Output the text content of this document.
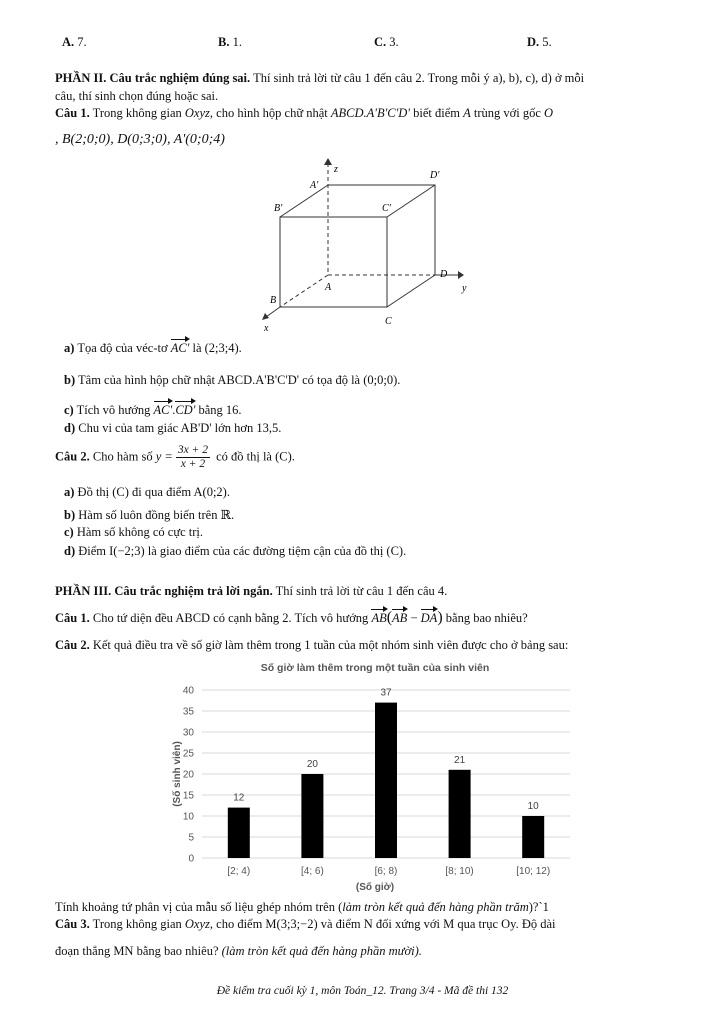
A. 7.	B. 1.	C. 3.	D. 5.
PHẦN II. Câu trắc nghiệm đúng sai. Thí sinh trả lời từ câu 1 đến câu 2. Trong mỗi ý a), b), c), d) ở mỗi
câu, thí sinh chọn đúng hoặc sai.
Câu 1. Trong không gian Oxyz, cho hình hộp chữ nhật ABCD.A'B'C'D' biết điểm A trùng với gốc O
, B(2;0;0), D(0;3;0), A'(0;0;4)
z
A'
D'
B'	C'
A
D
y
B
C
x
a) Tọa độ của véc-tơ AC' là (2;3;4).
b) Tâm của hình hộp chữ nhật ABCD.A'B'C'D' có tọa độ là (0;0;0).
c) Tích vô hướng AC'.CD' bằng 16.
d) Chu vi của tam giác AB'D' lớn hơn 13,5.
Câu 2. Cho hàm số $y = \frac{3x + 2}{x + 2}$ có đồ thị là (C).
a) Đồ thị (C) đi qua điểm A(0;2).
b) Hàm số luôn đồng biến trên ℝ.
c) Hàm số không có cực trị.
d) Điểm I(−2;3) là giao điểm của các đường tiệm cận của đồ thị (C).
PHẦN III. Câu trắc nghiệm trả lời ngắn. Thí sinh trả lời từ câu 1 đến câu 4.
Câu 1. Cho tứ diện đều ABCD có cạnh bằng 2. Tích vô hướng AB(AB − DA) bằng bao nhiêu?
Câu 2. Kết quả điều tra về số giờ làm thêm trong 1 tuần của một nhóm sinh viên được cho ở bảng sau:
Số giờ làm thêm trong một tuần của sinh viên
(Số sinh viên)
(Số giờ)
0
5
10
15
20
25
30
35
40
12
[2; 4)
20
[4; 6)
37
[6; 8)
21
[8; 10)
10
[10; 12)
Tính khoảng tứ phân vị của mẫu số liệu ghép nhóm trên (làm tròn kết quả đến hàng phần trăm)?`1
Câu 3. Trong không gian Oxyz, cho điểm M(3;3;−2) và điểm N đối xứng với M qua trục Oy. Độ dài
đoạn thẳng MN bằng bao nhiêu? (làm tròn kết quả đến hàng phần mười).
Đề kiểm tra cuối kỳ 1, môn Toán_12. Trang 3/4 - Mã đề thi 132
